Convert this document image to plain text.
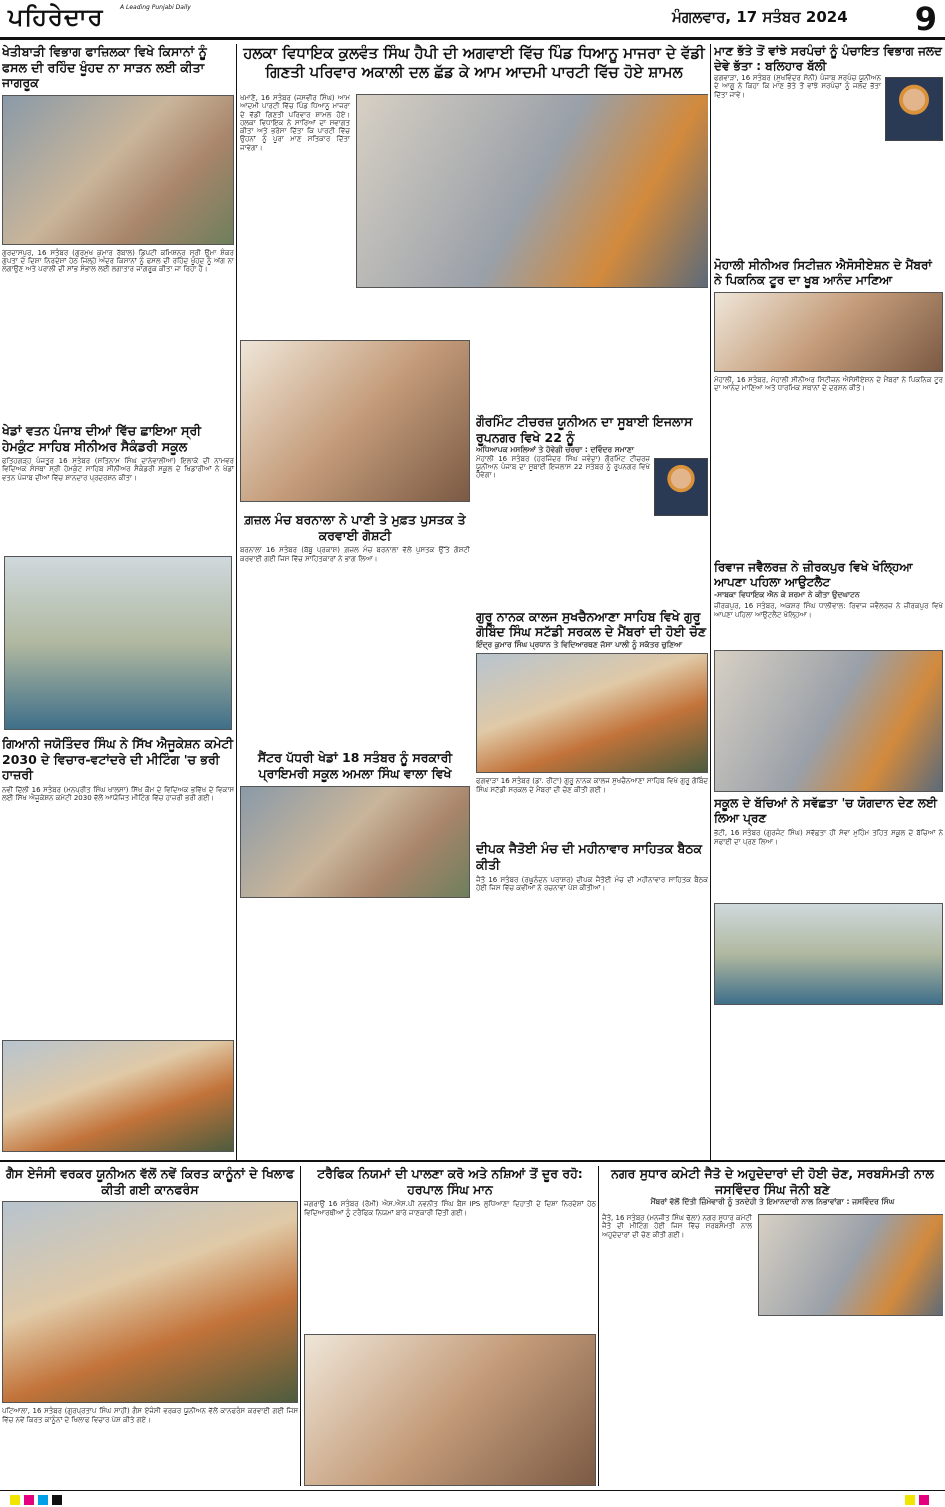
ਪਹਿਰੇਦਾਰ	A Leading Punjabi Daily
ਮੰਗਲਵਾਰ, 17 ਸਤੰਬਰ 2024 9
ਖੇਤੀਬਾੜੀ ਵਿਭਾਗ ਫਾਜ਼ਿਲਕਾ ਵਿਖੇ ਕਿਸਾਨਾਂ ਨੂੰ ਫਸਲ ਦੀ ਰਹਿੰਦ ਖੂੰਹਦ ਨਾ ਸਾੜਨ ਲਈ ਕੀਤਾ ਜਾਗਰੂਕ
ਗੁਰਦਾਸਪੁਰ, 16 ਸਤੰਬਰ (ਗੁਰਮੁਖ ਕੁਮਾਰ ਰੱਬਾਲ) ਡਿਪਟੀ ਕਮਿਸ਼ਨਰ ਸ੍ਰੀ ਉਮਾ ਸ਼ੰਕਰ ਗੁਪਤਾ ਦੇ ਦਿਸ਼ਾ ਨਿਰਦੇਸ਼ਾਂ ਹੇਠ ਜਿਲ੍ਹੇ ਅੰਦਰ ਕਿਸਾਨਾਂ ਨੂੰ ਫਸਲ ਦੀ ਰਹਿੰਦ ਖੂੰਹਦ ਨੂੰ ਅੱਗ ਨਾ ਲਗਾਉਣ ਅਤੇ ਪਰਾਲੀ ਦੀ ਸਾਂਭ ਸੰਭਾਲ ਲਈ ਲਗਾਤਾਰ ਜਾਗਰੂਕ ਕੀਤਾ ਜਾ ਰਿਹਾ ਹੈ।
ਖੇਡਾਂ ਵਤਨ ਪੰਜਾਬ ਦੀਆਂ ਵਿੱਚ ਛਾਇਆ ਸ੍ਰੀ ਹੇਮਕੁੰਟ ਸਾਹਿਬ ਸੀਨੀਅਰ ਸੈਕੰਡਰੀ ਸਕੂਲ
ਫਤਿਹਗੜ੍ਹ ਪੰਜਤੂਰ 16 ਸਤੰਬਰ (ਸਤਿਨਾਮ ਸਿੰਘ ਦਾਨੇਵਾਲੀਆ) ਇਲਾਕੇ ਦੀ ਨਾਮਵਰ ਵਿਦਿਅਕ ਸੰਸਥਾ ਸ੍ਰੀ ਹੇਮਕੁੰਟ ਸਾਹਿਬ ਸੀਨੀਅਰ ਸੈਕੰਡਰੀ ਸਕੂਲ ਦੇ ਖਿਡਾਰੀਆਂ ਨੇ ਖੇਡਾਂ ਵਤਨ ਪੰਜਾਬ ਦੀਆਂ ਵਿੱਚ ਸ਼ਾਨਦਾਰ ਪ੍ਰਦਰਸ਼ਨ ਕੀਤਾ।
ਗਿਆਨੀ ਜਯੋਤਿੰਦਰ ਸਿੰਘ ਨੇ ਸਿੱਖ ਐਜੂਕੇਸ਼ਨ ਕਮੇਟੀ 2030 ਦੇ ਵਿਚਾਰ-ਵਟਾਂਦਰੇ ਦੀ ਮੀਟਿੰਗ 'ਚ ਭਰੀ ਹਾਜ਼ਰੀ
ਨਵੀਂ ਦਿੱਲੀ 16 ਸਤੰਬਰ (ਮਨਪ੍ਰੀਤ ਸਿੰਘ ਖਾਲਸਾ) ਸਿੱਖ ਕੌਮ ਦੇ ਵਿਦਿਅਕ ਭਵਿੱਖ ਦੇ ਵਿਕਾਸ ਲਈ ਸਿੱਖ ਐਜੂਕੇਸ਼ਨ ਕਮੇਟੀ 2030 ਵੱਲੋਂ ਆਯੋਜਿਤ ਮੀਟਿੰਗ ਵਿੱਚ ਹਾਜ਼ਰੀ ਭਰੀ ਗਈ।
ਹਲਕਾ ਵਿਧਾਇਕ ਕੁਲਵੰਤ ਸਿੰਘ ਹੈਪੀ ਦੀ ਅਗਵਾਈ ਵਿੱਚ ਪਿੰਡ ਧਿਆਨੂ ਮਾਜਰਾ ਦੇ ਵੱਡੀ ਗਿਣਤੀ ਪਰਿਵਾਰ ਅਕਾਲੀ ਦਲ ਛੱਡ ਕੇ ਆਮ ਆਦਮੀ ਪਾਰਟੀ ਵਿੱਚ ਹੋਏ ਸ਼ਾਮਲ
ਖਮਾਣੋਂ, 16 ਸਤੰਬਰ (ਜਸਵੀਰ ਸਿੰਘ) ਆਮ ਆਦਮੀ ਪਾਰਟੀ ਵਿੱਚ ਪਿੰਡ ਧਿਆਨੂ ਮਾਜਰਾ ਦੇ ਵੱਡੀ ਗਿਣਤੀ ਪਰਿਵਾਰ ਸ਼ਾਮਲ ਹੋਏ। ਹਲਕਾ ਵਿਧਾਇਕ ਨੇ ਸਾਰਿਆਂ ਦਾ ਸਵਾਗਤ ਕੀਤਾ ਅਤੇ ਭਰੋਸਾ ਦਿੱਤਾ ਕਿ ਪਾਰਟੀ ਵਿੱਚ ਉਹਨਾਂ ਨੂੰ ਪੂਰਾ ਮਾਣ ਸਤਿਕਾਰ ਦਿੱਤਾ ਜਾਵੇਗਾ।
ਗ਼ਜ਼ਲ ਮੰਚ ਬਰਨਾਲਾ ਨੇ ਪਾਣੀ ਤੇ ਮੁਫ਼ਤ ਪੁਸਤਕ ਤੇ ਕਰਵਾਈ ਗੋਸ਼ਟੀ
ਬਰਨਾਲਾ 16 ਸਤੰਬਰ (ਬੱਬੂ ਪ੍ਰਕਾਸ਼) ਗ਼ਜ਼ਲ ਮੰਚ ਬਰਨਾਲਾ ਵੱਲੋਂ ਪੁਸਤਕ ਉੱਤੇ ਗੋਸ਼ਟੀ ਕਰਵਾਈ ਗਈ ਜਿਸ ਵਿੱਚ ਸਾਹਿਤਕਾਰਾਂ ਨੇ ਭਾਗ ਲਿਆ।
ਸੈਂਟਰ ਪੱਧਰੀ ਖੇਡਾਂ 18 ਸਤੰਬਰ ਨੂੰ ਸਰਕਾਰੀ ਪ੍ਰਾਇਮਰੀ ਸਕੂਲ ਅਮਲਾ ਸਿੰਘ ਵਾਲਾ ਵਿਖੇ
ਗੌਰਮਿੰਟ ਟੀਚਰਜ਼ ਯੂਨੀਅਨ ਦਾ ਸੂਬਾਈ ਇਜਲਾਸ ਰੂਪਨਗਰ ਵਿਖੇ 22 ਨੂੰ
ਅਧਿਆਪਕ ਮਸਲਿਆਂ ਤੇ ਹੋਵੇਗੀ ਚਰਚਾ : ਦਵਿੰਦਰ ਸਮਾਣਾ
ਮੋਹਾਲੀ 16 ਸਤੰਬਰ (ਹਰਜਿੰਦਰ ਸਿੰਘ ਜਵੰਦਾ) ਗੌਰਮਿੰਟ ਟੀਚਰਜ਼ ਯੂਨੀਅਨ ਪੰਜਾਬ ਦਾ ਸੂਬਾਈ ਇਜਲਾਸ 22 ਸਤੰਬਰ ਨੂੰ ਰੂਪਨਗਰ ਵਿਖੇ ਹੋਵੇਗਾ।
ਗੁਰੂ ਨਾਨਕ ਕਾਲਜ ਸੁਖਚੈਨਆਣਾ ਸਾਹਿਬ ਵਿਖੇ ਗੁਰੂ ਗੋਬਿੰਦ ਸਿੰਘ ਸਟੱਡੀ ਸਰਕਲ ਦੇ ਮੈਂਬਰਾਂ ਦੀ ਹੋਈ ਚੋਣ
ਇੰਦ੍ਰ ਕੁਮਾਰ ਸਿੰਘ ਪ੍ਰਧਾਨ ਤੇ ਵਿਦਿਆਰਥਣ ਜੱਸਾ ਪਾਲੀ ਨੂੰ ਸਕੱਤਰ ਚੁਣਿਆ
ਫਗਵਾੜਾ 16 ਸਤੰਬਰ (ਡਾ. ਰੀਟਾ) ਗੁਰੂ ਨਾਨਕ ਕਾਲਜ ਸੁਖਚੈਨਆਣਾ ਸਾਹਿਬ ਵਿਖੇ ਗੁਰੂ ਗੋਬਿੰਦ ਸਿੰਘ ਸਟੱਡੀ ਸਰਕਲ ਦੇ ਮੈਂਬਰਾਂ ਦੀ ਚੋਣ ਕੀਤੀ ਗਈ।
ਦੀਪਕ ਜੈਤੋਈ ਮੰਚ ਦੀ ਮਹੀਨਾਵਾਰ ਸਾਹਿਤਕ ਬੈਠਕ ਕੀਤੀ
ਜੈਤੋ 16 ਸਤੰਬਰ (ਰਘੂਨੰਦਨ ਪਰਾਸ਼ਰ) ਦੀਪਕ ਜੈਤੋਈ ਮੰਚ ਦੀ ਮਹੀਨਾਵਾਰ ਸਾਹਿਤਕ ਬੈਠਕ ਹੋਈ ਜਿਸ ਵਿੱਚ ਕਵੀਆਂ ਨੇ ਰਚਨਾਵਾਂ ਪੇਸ਼ ਕੀਤੀਆਂ।
ਮਾਣ ਭੱਤੇ ਤੋਂ ਵਾਂਝੇ ਸਰਪੰਚਾਂ ਨੂੰ ਪੰਚਾਇਤ ਵਿਭਾਗ ਜਲਦ ਦੇਵੇ ਭੱਤਾ : ਬਲਿਹਾਰ ਬੱਲੀ
ਫਗਵਾੜਾ, 16 ਸਤੰਬਰ (ਸੁਖਵਿੰਦਰ ਸੋਨੀ) ਪੰਜਾਬ ਸਰਪੰਚ ਯੂਨੀਅਨ ਦੇ ਆਗੂ ਨੇ ਕਿਹਾ ਕਿ ਮਾਣ ਭੱਤੇ ਤੋਂ ਵਾਂਝੇ ਸਰਪੰਚਾਂ ਨੂੰ ਜਲਦ ਭੱਤਾ ਦਿੱਤਾ ਜਾਵੇ।
ਮੋਹਾਲੀ ਸੀਨੀਅਰ ਸਿਟੀਜ਼ਨ ਐਸੋਸੀਏਸ਼ਨ ਦੇ ਮੈਂਬਰਾਂ ਨੇ ਪਿਕਨਿਕ ਟੂਰ ਦਾ ਖੂਬ ਆਨੰਦ ਮਾਣਿਆ
ਮੋਹਾਲੀ, 16 ਸਤੰਬਰ, ਮੋਹਾਲੀ ਸੀਨੀਅਰ ਸਿਟੀਜ਼ਨ ਐਸੋਸੀਏਸ਼ਨ ਦੇ ਮੈਂਬਰਾਂ ਨੇ ਪਿਕਨਿਕ ਟੂਰ ਦਾ ਆਨੰਦ ਮਾਣਿਆ ਅਤੇ ਧਾਰਮਿਕ ਸਥਾਨਾਂ ਦੇ ਦਰਸ਼ਨ ਕੀਤੇ।
ਰਿਵਾਜ ਜਵੈਲਰਜ਼ ਨੇ ਜ਼ੀਰਕਪੁਰ ਵਿਖੇ ਖੋਲ੍ਹਿਆ ਆਪਣਾ ਪਹਿਲਾ ਆਉਟਲੈਟ
-ਸਾਬਕਾ ਵਿਧਾਇਕ ਐਨ ਕੇ ਸ਼ਰਮਾ ਨੇ ਕੀਤਾ ਉਦਘਾਟਨ
ਜ਼ੀਰਕਪੁਰ, 16 ਸਤੰਬਰ, ਅਕਸ਼ਰ ਸਿੰਘ ਧਾਲੀਵਾਲ: ਰਿਵਾਜ ਜਵੈਲਰਜ਼ ਨੇ ਜ਼ੀਰਕਪੁਰ ਵਿਖੇ ਆਪਣਾ ਪਹਿਲਾ ਆਉਟਲੈਟ ਖੋਲ੍ਹਿਆ।
ਸਕੂਲ ਦੇ ਬੱਚਿਆਂ ਨੇ ਸਵੱਛਤਾ 'ਚ ਯੋਗਦਾਨ ਦੇਣ ਲਈ ਲਿਆ ਪ੍ਰਣ
ਭੱਟੀ, 16 ਸਤੰਬਰ (ਗੁਰਜੰਟ ਸਿੰਘ) ਸਵੱਛਤਾ ਹੀ ਸੇਵਾ ਮੁਹਿੰਮ ਤਹਿਤ ਸਕੂਲ ਦੇ ਬੱਚਿਆਂ ਨੇ ਸਫਾਈ ਦਾ ਪ੍ਰਣ ਲਿਆ।
ਗੈਸ ਏਜੰਸੀ ਵਰਕਰ ਯੂਨੀਅਨ ਵੱਲੋਂ ਨਵੇਂ ਕਿਰਤ ਕਾਨੂੰਨਾਂ ਦੇ ਖਿਲਾਫ ਕੀਤੀ ਗਈ ਕਾਨਫਰੰਸ
ਪਟਿਆਲਾ, 16 ਸਤੰਬਰ (ਗੁਰਪ੍ਰਤਾਪ ਸਿੰਘ ਸਾਹੀ) ਗੈਸ ਏਜੰਸੀ ਵਰਕਰ ਯੂਨੀਅਨ ਵੱਲੋਂ ਕਾਨਫਰੰਸ ਕਰਵਾਈ ਗਈ ਜਿਸ ਵਿੱਚ ਨਵੇਂ ਕਿਰਤ ਕਾਨੂੰਨਾਂ ਦੇ ਖਿਲਾਫ ਵਿਚਾਰ ਪੇਸ਼ ਕੀਤੇ ਗਏ।
ਟਰੈਫਿਕ ਨਿਯਮਾਂ ਦੀ ਪਾਲਣਾ ਕਰੋ ਅਤੇ ਨਸ਼ਿਆਂ ਤੋਂ ਦੂਰ ਰਹੋ: ਹਰਪਾਲ ਸਿੰਘ ਮਾਨ
ਜਗਰਾਉਂ 16 ਸਤੰਬਰ (ਰੋਮੀ) ਐਸ.ਐਸ.ਪੀ ਨਵਨੀਤ ਸਿੰਘ ਬੈਂਸ IPS ਲੁਧਿਆਣਾ ਦਿਹਾਤੀ ਦੇ ਦਿਸ਼ਾ ਨਿਰਦੇਸ਼ਾਂ ਹੇਠ ਵਿਦਿਆਰਥੀਆਂ ਨੂੰ ਟਰੈਫਿਕ ਨਿਯਮਾਂ ਬਾਰੇ ਜਾਣਕਾਰੀ ਦਿੱਤੀ ਗਈ।
ਨਗਰ ਸੁਧਾਰ ਕਮੇਟੀ ਜੈਤੋ ਦੇ ਅਹੁਦੇਦਾਰਾਂ ਦੀ ਹੋਈ ਚੋਣ, ਸਰਬਸੰਮਤੀ ਨਾਲ ਜਸਵਿੰਦਰ ਸਿੰਘ ਜੋਨੀ ਬਣੇ
ਮੈਂਬਰਾਂ ਵੱਲੋਂ ਦਿੱਤੀ ਜ਼ਿੰਮੇਵਾਰੀ ਨੂੰ ਤਨਦੇਹੀ ਤੇ ਇਮਾਨਦਾਰੀ ਨਾਲ ਨਿਭਾਵਾਂਗਾ : ਜਸਵਿੰਦਰ ਸਿੰਘ
ਜੈਤੋ, 16 ਸਤੰਬਰ (ਮਨਜੀਤ ਸਿੰਘ ਢੱਲਾ) ਨਗਰ ਸੁਧਾਰ ਕਮੇਟੀ ਜੈਤੋ ਦੀ ਮੀਟਿੰਗ ਹੋਈ ਜਿਸ ਵਿੱਚ ਸਰਬਸੰਮਤੀ ਨਾਲ ਅਹੁਦੇਦਾਰਾਂ ਦੀ ਚੋਣ ਕੀਤੀ ਗਈ।
